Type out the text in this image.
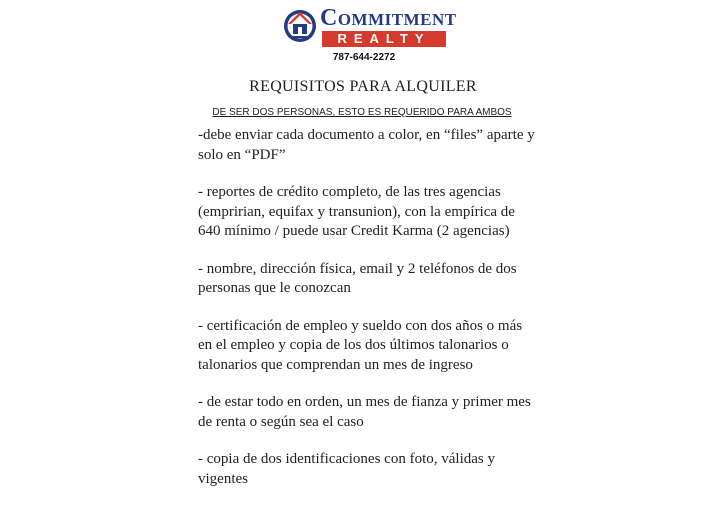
Commitment
REALTY
787-644-2272
REQUISITOS PARA ALQUILER
DE SER DOS PERSONAS, ESTO ES REQUERIDO PARA AMBOS

-debe enviar cada documento a color, en “files” aparte y solo en “PDF”

- reportes de crédito completo, de las tres agencias (empririan, equifax y transunion), con la empírica de 640 mínimo / puede usar Credit Karma (2 agencias)

- nombre, dirección física, email y 2 teléfonos de dos personas que le conozcan

- certificación de empleo y sueldo con dos años o más en el empleo y copia de los dos últimos talonarios o talonarios que comprendan un mes de ingreso

- de estar todo en orden, un mes de fianza y primer mes de renta o según sea el caso

- copia de dos identificaciones con foto, válidas y vigentes
